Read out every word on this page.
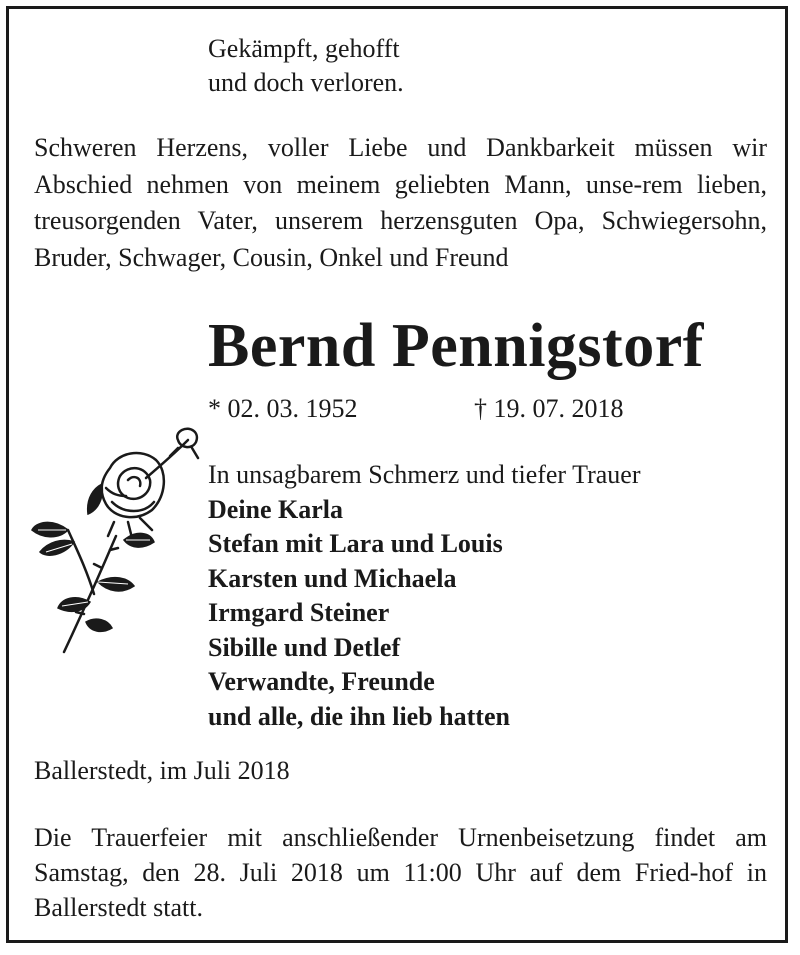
Gekämpft, gehofft
und doch verloren.
Schweren Herzens, voller Liebe und Dankbarkeit müssen wir Abschied nehmen von meinem geliebten Mann, unse-rem lieben, treusorgenden Vater, unserem herzensguten Opa, Schwiegersohn, Bruder, Schwager, Cousin, Onkel und Freund
Bernd Pennigstorf
* 02. 03. 1952	† 19. 07. 2018
In unsagbarem Schmerz und tiefer Trauer
Deine Karla
Stefan mit Lara und Louis
Karsten und Michaela
Irmgard Steiner
Sibille und Detlef
Verwandte, Freunde
und alle, die ihn lieb hatten
Ballerstedt, im Juli 2018
Die Trauerfeier mit anschließender Urnenbeisetzung findet am Samstag, den 28. Juli 2018 um 11:00 Uhr auf dem Fried-hof in Ballerstedt statt.
